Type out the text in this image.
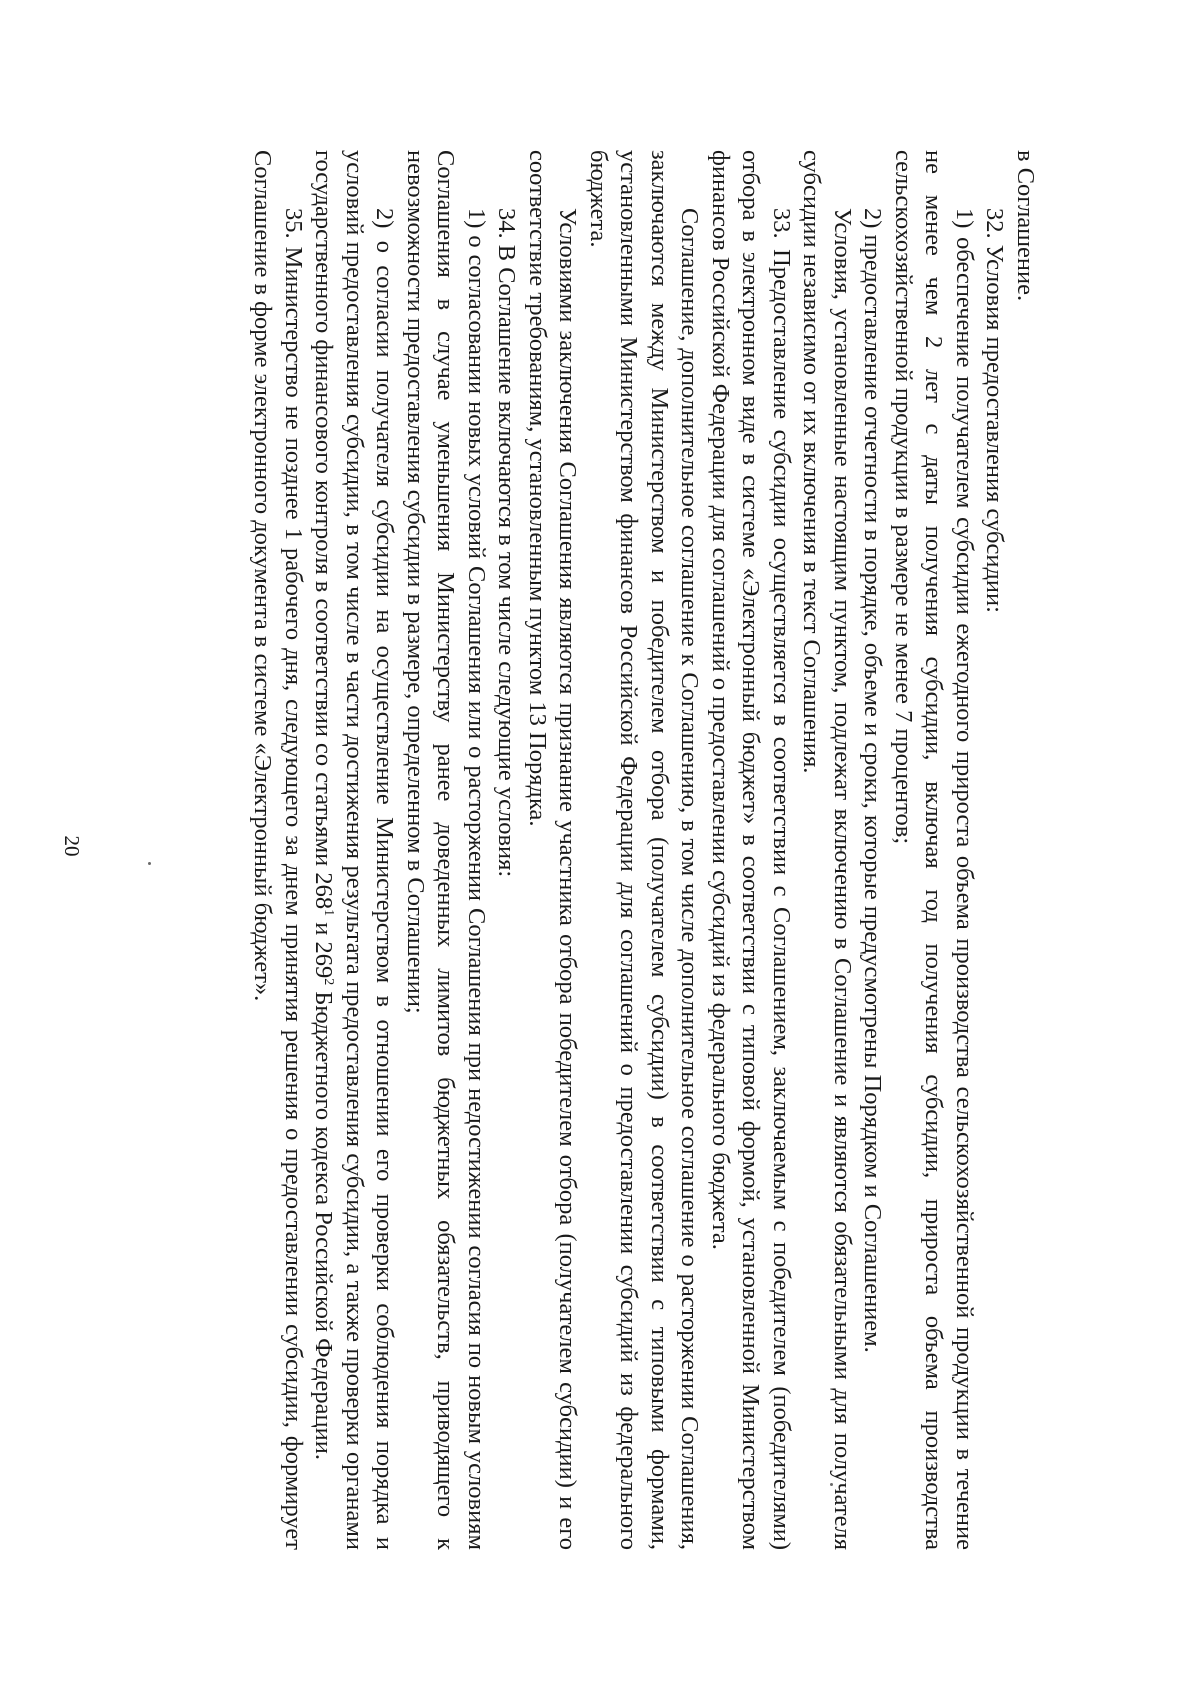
20

в Соглашение.

32. Условия предоставления субсидии:

1) обеспечение получателем субсидии ежегодного прироста объема производства сельскохозяйственной продукции в течение не менее чем 2 лет с даты получения субсидии, включая год получения субсидии, прироста объема производства сельскохозяйственной продукции в размере не менее 7 процентов;

2) предоставление отчетности в порядке, объеме и сроки, которые предусмотрены Порядком и Соглашением.

Условия, установленные настоящим пунктом, подлежат включению в Соглашение и являются обязательными для получателя субсидии независимо от их включения в текст Соглашения.

33. Предоставление субсидии осуществляется в соответствии с Соглашением, заключаемым с победителем (победителями) отбора в электронном виде в системе «Электронный бюджет» в соответствии с типовой формой, установленной Министерством финансов Российской Федерации для соглашений о предоставлении субсидий из федерального бюджета.

Соглашение, дополнительное соглашение к Соглашению, в том числе дополнительное соглашение о расторжении Соглашения, заключаются между Министерством и победителем отбора (получателем субсидии) в соответствии с типовыми формами, установленными Министерством финансов Российской Федерации для соглашений о предоставлении субсидий из федерального бюджета.

Условиями заключения Соглашения являются признание участника отбора победителем отбора (получателем субсидии) и его соответствие требованиям, установленным пунктом 13 Порядка.

34. В Соглашение включаются в том числе следующие условия:

1) о согласовании новых условий Соглашения или о расторжении Соглашения при недостижении согласия по новым условиям Соглашения в случае уменьшения Министерству ранее доведенных лимитов бюджетных обязательств, приводящего к невозможности предоставления субсидии в размере, определенном в Соглашении;

2) о согласии получателя субсидии на осуществление Министерством в отношении его проверки соблюдения порядка и условий предоставления субсидии, в том числе в части достижения результата предоставления субсидии, а также проверки органами государственного финансового контроля в соответствии со статьями $268^1$ и $269^2$ Бюджетного кодекса Российской Федерации.

35. Министерство не позднее 1 рабочего дня, следующего за днем принятия решения о предоставлении субсидии, формирует Соглашение в форме электронного документа в системе «Электронный бюджет».
